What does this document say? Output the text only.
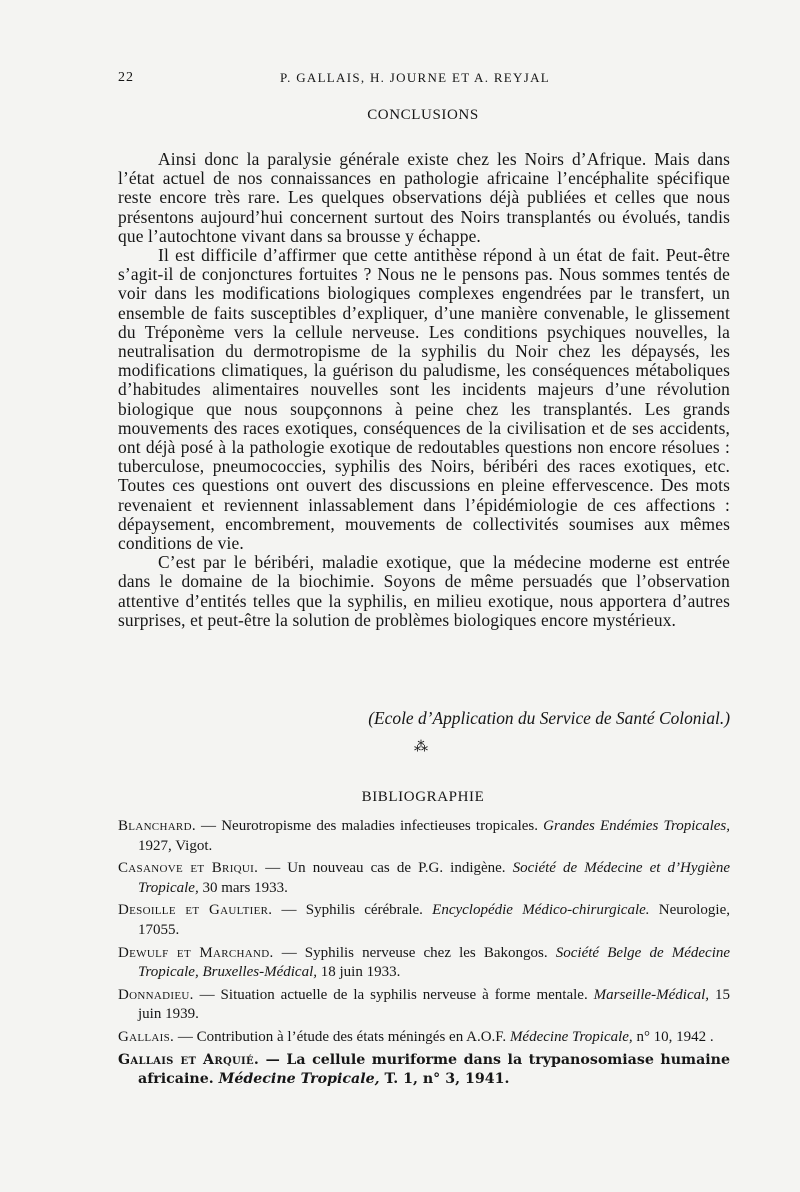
22	P. GALLAIS, H. JOURNE ET A. REYJAL
CONCLUSIONS

Ainsi donc la paralysie générale existe chez les Noirs d’Afrique. Mais dans l’état actuel de nos connaissances en pathologie africaine l’encéphalite spécifique reste encore très rare. Les quelques observations déjà publiées et celles que nous présentons aujourd’hui concernent surtout des Noirs transplantés ou évolués, tandis que l’autochtone vivant dans sa brousse y échappe.

Il est difficile d’affirmer que cette antithèse répond à un état de fait. Peut-être s’agit-il de conjonctures fortuites ? Nous ne le pensons pas. Nous sommes tentés de voir dans les modifications biologiques complexes engendrées par le transfert, un ensemble de faits susceptibles d’expliquer, d’une manière convenable, le glissement du Tréponème vers la cellule nerveuse. Les conditions psychiques nouvelles, la neutralisation du dermotropisme de la syphilis du Noir chez les dépaysés, les modifications climatiques, la guérison du paludisme, les conséquences métaboliques d’habitudes alimentaires nouvelles sont les incidents majeurs d’une révolution biologique que nous soupçonnons à peine chez les transplantés. Les grands mouvements des races exotiques, conséquences de la civilisation et de ses accidents, ont déjà posé à la pathologie exotique de redoutables questions non encore résolues : tuberculose, pneumococcies, syphilis des Noirs, béribéri des races exotiques, etc. Toutes ces questions ont ouvert des discussions en pleine effervescence. Des mots revenaient et reviennent inlassablement dans l’épidémiologie de ces affections : dépaysement, encombrement, mouvements de collectivités soumises aux mêmes conditions de vie.

C’est par le béribéri, maladie exotique, que la médecine moderne est entrée dans le domaine de la biochimie. Soyons de même persuadés que l’observation attentive d’entités telles que la syphilis, en milieu exotique, nous apportera d’autres surprises, et peut-être la solution de problèmes biologiques encore mystérieux.

(Ecole d’Application du Service de Santé Colonial.)
⁂
BIBLIOGRAPHIE

Blanchard. — Neurotropisme des maladies infectieuses tropicales. Grandes Endémies Tropicales, 1927, Vigot.

Casanove et Briqui. — Un nouveau cas de P.G. indigène. Société de Médecine et d’Hygiène Tropicale, 30 mars 1933.

Desoille et Gaultier. — Syphilis cérébrale. Encyclopédie Médico-chirurgicale. Neurologie, 17055.

Dewulf et Marchand. — Syphilis nerveuse chez les Bakongos. Société Belge de Médecine Tropicale, Bruxelles-Médical, 18 juin 1933.

Donnadieu. — Situation actuelle de la syphilis nerveuse à forme mentale. Marseille-Médical, 15 juin 1939.

Gallais. — Contribution à l’étude des états méningés en A.O.F. Médecine Tropicale, n° 10, 1942 .

Gallais et Arquié. — La cellule muriforme dans la trypanosomiase humaine africaine. Médecine Tropicale, T. 1, n° 3, 1941.
